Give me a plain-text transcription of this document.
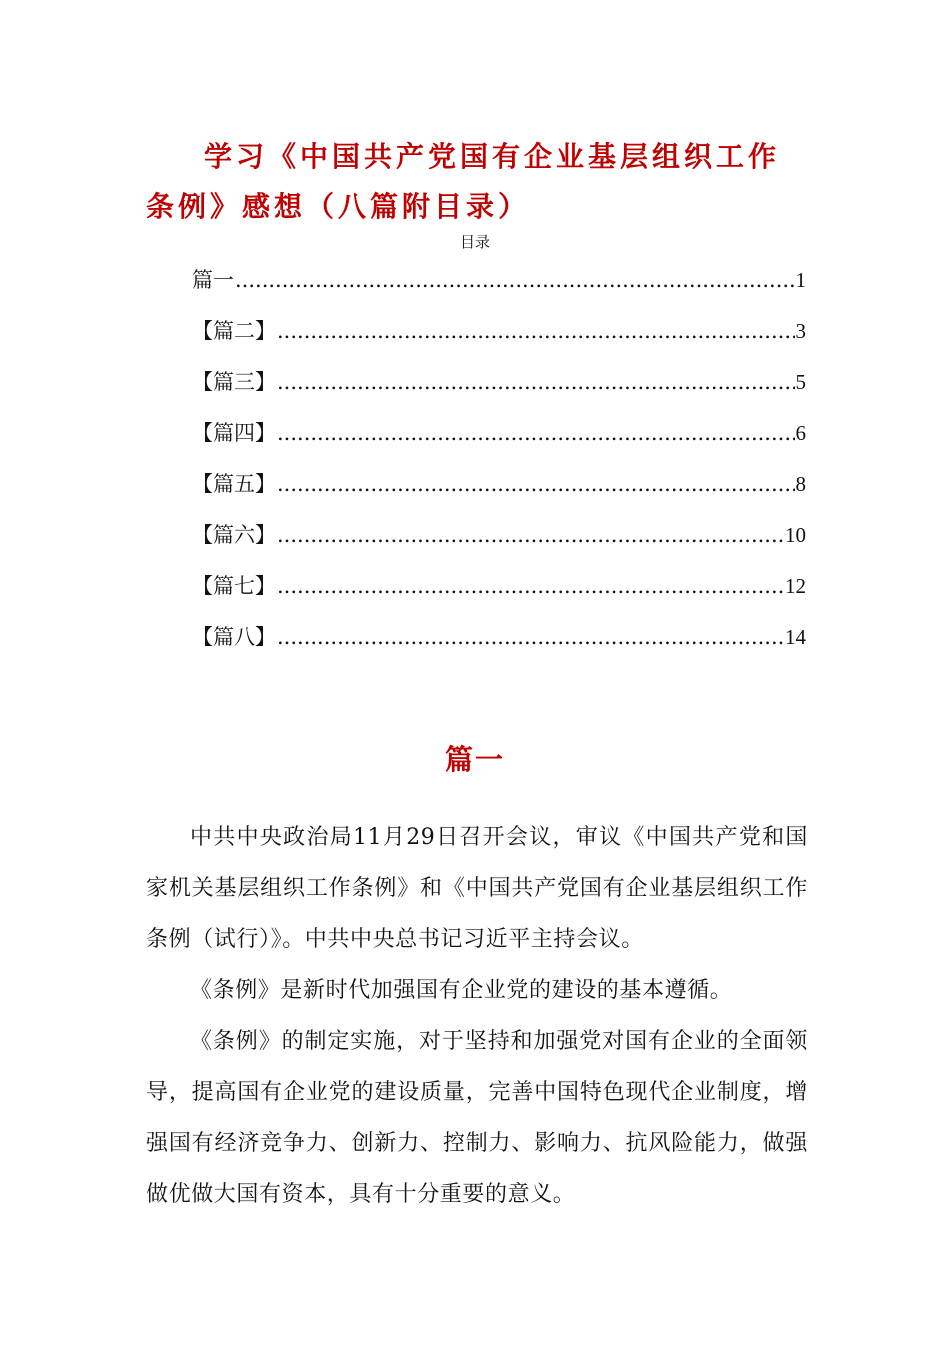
学习《中国共产党国有企业基层组织工作条例》感想（八篇附目录）
目录
篇一 .....	1
【篇二】 .....	3
【篇三】 .....	5
【篇四】 .....	6
【篇五】 .....	8
【篇六】 .....	10
【篇七】 .....	12
【篇八】 .....	14
篇一

中共中央政治局11月29日召开会议，审议《中国共产党和国家机关基层组织工作条例》和《中国共产党国有企业基层组织工作条例（试行）》。中共中央总书记习近平主持会议。

《条例》是新时代加强国有企业党的建设的基本遵循。

《条例》的制定实施，对于坚持和加强党对国有企业的全面领导，提高国有企业党的建设质量，完善中国特色现代企业制度，增强国有经济竞争力、创新力、控制力、影响力、抗风险能力，做强做优做大国有资本，具有十分重要的意义。
